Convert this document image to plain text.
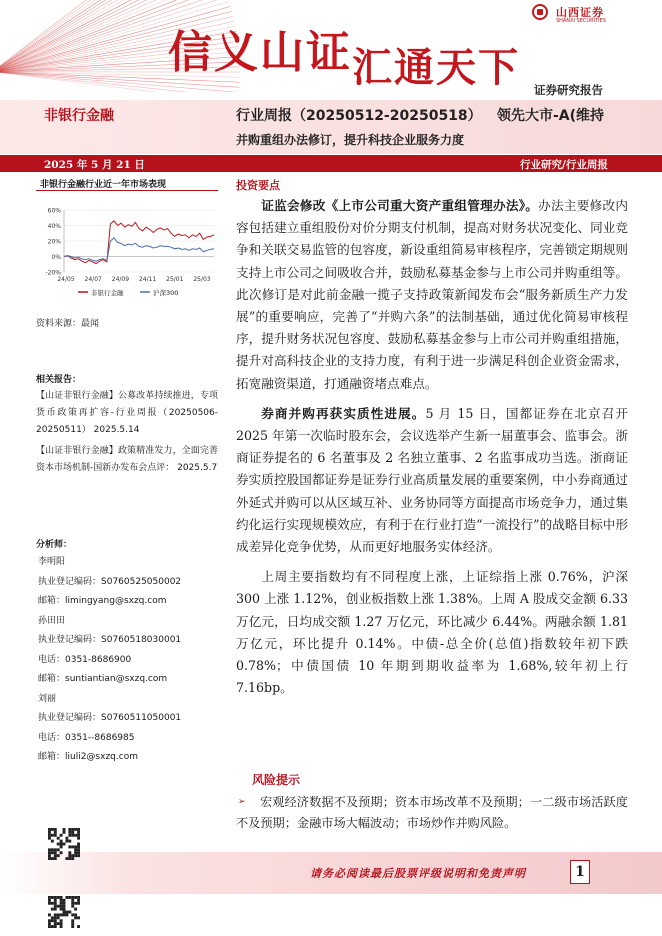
信义山证 汇通天下
山西证券
SHANXI SECURITIES
证券研究报告
非银行金融	行业周报（20250512-20250518） 领先大市-A(维持
并购重组办法修订，提升科技企业服务力度
2025 年 5 月 21 日	行业研究/行业周报
非银行金融行业近一年市场表现
60%
40%
20%
0%
-20%
24/05 24/07 24/09 24/11 25/01 25/03
非银行金融	沪深300
资料来源：最闻
相关报告：

【山证非银行金融】公募改革持续推进，专项货币政策再扩容-行业周报（20250506-20250511） 2025.5.14

【山证非银行金融】政策精准发力，全面完善资本市场机制-国新办发布会点评： 2025.5.7

分析师：

李明阳

执业登记编码：S0760525050002

邮箱：limingyang@sxzq.com

孙田田

执业登记编码：S0760518030001

电话：0351-8686900

邮箱：suntiantian@sxzq.com

刘丽

执业登记编码：S0760511050001

电话：0351--8686985

邮箱：liuli2@sxzq.com

投资要点

证监会修改《上市公司重大资产重组管理办法》。办法主要修改内容包括建立重组股份对价分期支付机制，提高对财务状况变化、同业竞争和关联交易监管的包容度，新设重组简易审核程序，完善锁定期规则支持上市公司之间吸收合并，鼓励私募基金参与上市公司并购重组等。此次修订是对此前金融一揽子支持政策新闻发布会“服务新质生产力发展”的重要响应，完善了“并购六条”的法制基础，通过优化简易审核程序，提升财务状况包容度、鼓励私募基金参与上市公司并购重组措施，提升对高科技企业的支持力度，有利于进一步满足科创企业资金需求，拓宽融资渠道，打通融资堵点难点。

券商并购再获实质性进展。5 月 15 日，国都证券在北京召开 2025 年第一次临时股东会，会议选举产生新一届董事会、监事会。浙商证券提名的 6 名董事及 2 名独立董事、2 名监事成功当选。浙商证券实质控股国都证券是证券行业高质量发展的重要案例，中小券商通过外延式并购可以从区域互补、业务协同等方面提高市场竞争力，通过集约化运行实现规模效应，有利于在行业打造“一流投行”的战略目标中形成差异化竞争优势，从而更好地服务实体经济。

上周主要指数均有不同程度上涨，上证综指上涨 0.76%，沪深 300 上涨 1.12%，创业板指数上涨 1.38%。上周 A 股成交金额 6.33 万亿元，日均成交额 1.27 万亿元，环比减少 6.44%。两融余额 1.81 万亿元，环比提升 0.14%。中债-总全价(总值)指数较年初下跌 0.78%；中债国债 10 年期到期收益率为 1.68%,较年初上行 7.16bp。

风险提示
➢	宏观经济数据不及预期；资本市场改革不及预期；一二级市场活跃度不及预期；金融市场大幅波动；市场炒作并购风险。
请务必阅读最后股票评级说明和免责声明	1
